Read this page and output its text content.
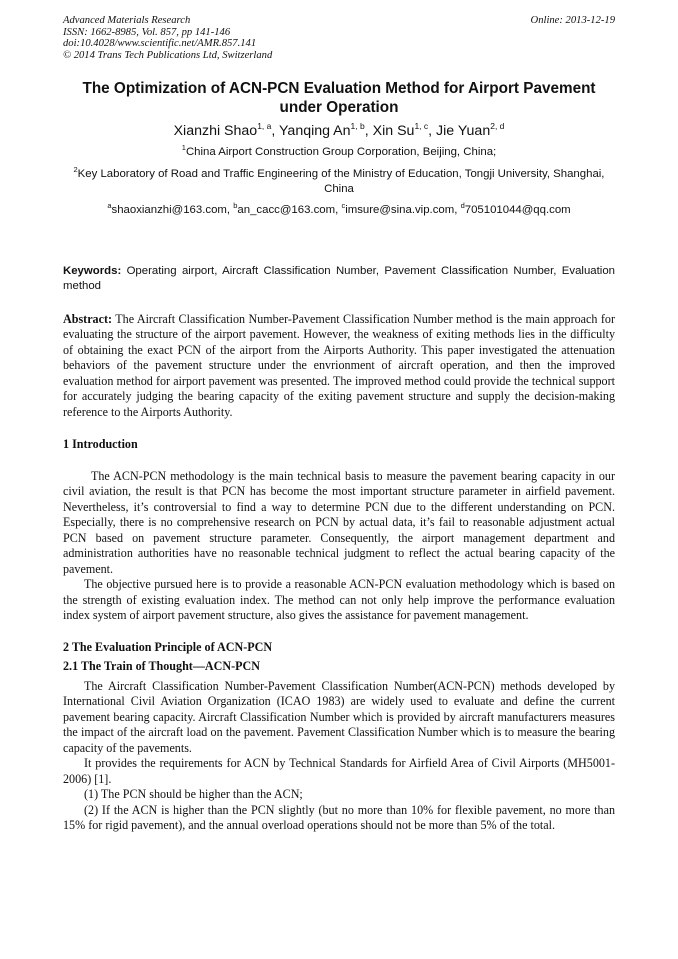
Advanced Materials Research
ISSN: 1662-8985, Vol. 857, pp 141-146
doi:10.4028/www.scientific.net/AMR.857.141
© 2014 Trans Tech Publications Ltd, Switzerland
Online: 2013-12-19
The Optimization of ACN-PCN Evaluation Method for Airport Pavement under Operation
Xianzhi Shao$^{1, a}$, Yanqing An$^{1, b}$, Xin Su$^{1, c}$, Jie Yuan$^{2, d}$
$^1$China Airport Construction Group Corporation, Beijing, China;
$^2$Key Laboratory of Road and Traffic Engineering of the Ministry of Education, Tongji University, Shanghai, China
$^a$shaoxianzhi@163.com, $^b$an_cacc@163.com, $^c$imsure@sina.vip.com, $^d$705101044@qq.com

Keywords: Operating airport, Aircraft Classification Number, Pavement Classification Number, Evaluation method

Abstract: The Aircraft Classification Number-Pavement Classification Number method is the main approach for evaluating the structure of the airport pavement. However, the weakness of exiting methods lies in the difficulty of obtaining the exact PCN of the airport from the Airports Authority. This paper investigated the attenuation behaviors of the pavement structure under the envrionment of aircraft operation, and then the improved evaluation method for airport pavement was presented. The improved method could provide the technical support for accurately judging the bearing capacity of the exiting pavement structure and supply the decision-making reference to the Airports Authority.

1 Introduction

The ACN-PCN methodology is the main technical basis to measure the pavement bearing capacity in our civil aviation, the result is that PCN has become the most important structure parameter in airfield pavement. Nevertheless, it’s controversial to find a way to determine PCN due to the different understanding on PCN. Especially, there is no comprehensive research on PCN by actual data, it’s fail to reasonable adjustment actual PCN based on pavement structure parameter. Consequently, the airport management department and administration authorities have no reasonable technical judgment to reflect the actual bearing capacity of the pavement.

The objective pursued here is to provide a reasonable ACN-PCN evaluation methodology which is based on the strength of existing evaluation index. The method can not only help improve the performance evaluation index system of airport pavement structure, also gives the assistance for pavement management.

2 The Evaluation Principle of ACN-PCN

2.1 The Train of Thought—ACN-PCN

The Aircraft Classification Number-Pavement Classification Number(ACN-PCN) methods developed by International Civil Aviation Organization (ICAO 1983) are widely used to evaluate and define the current pavement bearing capacity. Aircraft Classification Number which is provided by aircraft manufacturers measures the impact of the aircraft load on the pavement. Pavement Classification Number which is to measure the bearing capacity of the pavements.

It provides the requirements for ACN by Technical Standards for Airfield Area of Civil Airports (MH5001-2006) [1].

(1) The PCN should be higher than the ACN;

(2) If the ACN is higher than the PCN slightly (but no more than 10% for flexible pavement, no more than 15% for rigid pavement), and the annual overload operations should not be more than 5% of the total.
